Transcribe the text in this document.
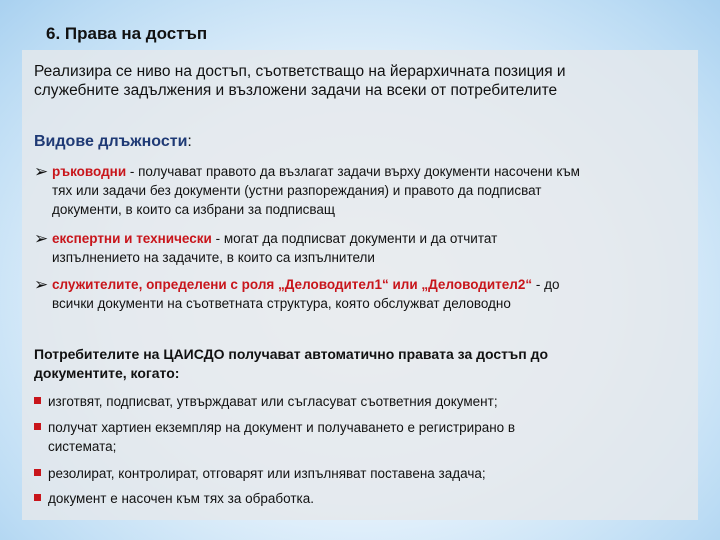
6. Права на достъп
Реализира се ниво на достъп, съответстващо на йерархичната позиция и
служебните задължения и възложени задачи на всеки от потребителите
Видове длъжности:
➢ ръководни - получават правото да възлагат задачи върху документи насочени към
тях или задачи без документи (устни разпореждания) и правото да подписват
документи, в които са избрани за подписващ
➢ експертни и технически - могат да подписват документи и да отчитат
изпълнението на задачите, в които са изпълнители
➢ служителите, определени с роля „Деловодител1“ или „Деловодител2“ - до
всички документи на съответната структура, която обслужват деловодно
Потребителите на ЦАИСДО получават автоматично правата за достъп до
документите, когато:
изготвят, подписват, утвърждават или съгласуват съответния документ;
получат хартиен екземпляр на документ и получаването е регистрирано в
системата;
резолират, контролират, отговарят или изпълняват поставена задача;
документ е насочен към тях за обработка.
